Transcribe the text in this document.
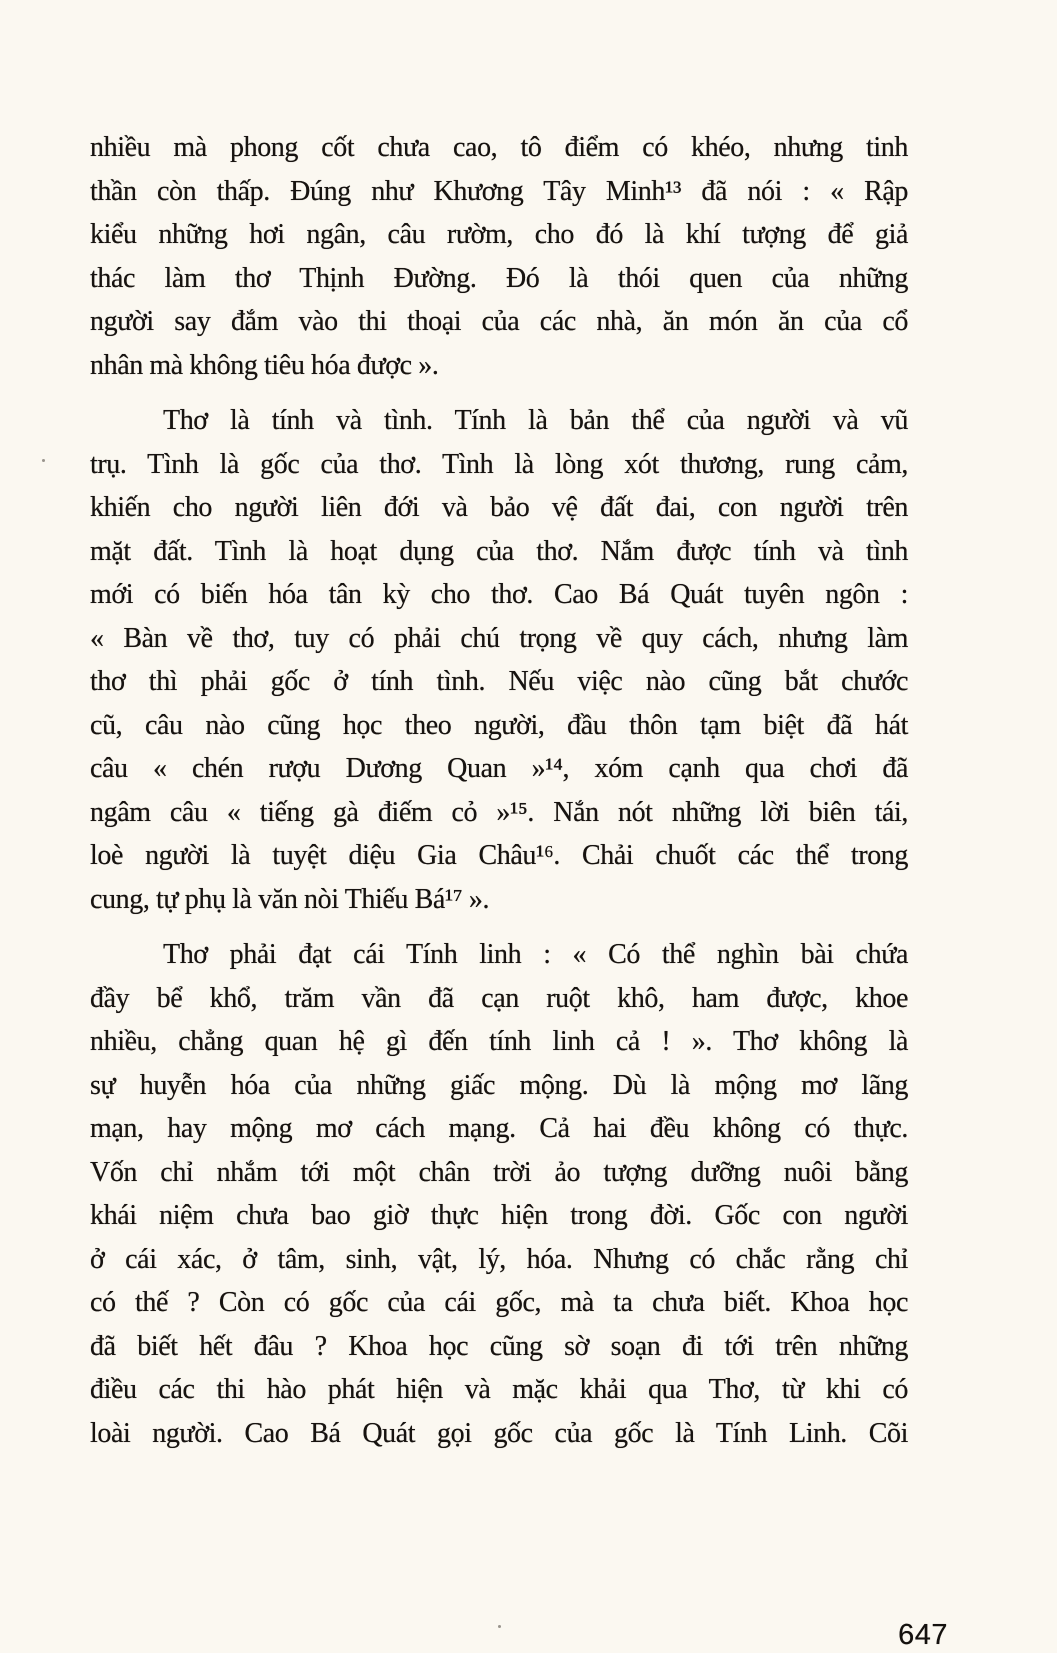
nhiều mà phong cốt chưa cao, tô điểm có khéo, nhưng tinh
thần còn thấp. Đúng như Khương Tây Minh¹³ đã nói : « Rập
kiểu những hơi ngân, câu rườm, cho đó là khí tượng để giả
thác làm thơ Thịnh Đường. Đó là thói quen của những
người say đắm vào thi thoại của các nhà, ăn món ăn của cổ
nhân mà không tiêu hóa được ».

Thơ là tính và tình. Tính là bản thể của người và vũ
trụ. Tình là gốc của thơ. Tình là lòng xót thương, rung cảm,
khiến cho người liên đới và bảo vệ đất đai, con người trên
mặt đất. Tình là hoạt dụng của thơ. Nắm được tính và tình
mới có biến hóa tân kỳ cho thơ. Cao Bá Quát tuyên ngôn :
« Bàn về thơ, tuy có phải chú trọng về quy cách, nhưng làm
thơ thì phải gốc ở tính tình. Nếu việc nào cũng bắt chước
cũ, câu nào cũng học theo người, đầu thôn tạm biệt đã hát
câu « chén rượu Dương Quan »¹⁴, xóm cạnh qua chơi đã
ngâm câu « tiếng gà điếm cỏ »¹⁵. Nắn nót những lời biên tái,
loè người là tuyệt diệu Gia Châu¹⁶. Chải chuốt các thể trong
cung, tự phụ là văn nòi Thiếu Bá¹⁷ ».

Thơ phải đạt cái Tính linh : « Có thể nghìn bài chứa
đầy bể khổ, trăm vần đã cạn ruột khô, ham được, khoe
nhiều, chẳng quan hệ gì đến tính linh cả ! ». Thơ không là
sự huyễn hóa của những giấc mộng. Dù là mộng mơ lãng
mạn, hay mộng mơ cách mạng. Cả hai đều không có thực.
Vốn chỉ nhắm tới một chân trời ảo tượng dưỡng nuôi bằng
khái niệm chưa bao giờ thực hiện trong đời. Gốc con người
ở cái xác, ở tâm, sinh, vật, lý, hóa. Nhưng có chắc rằng chỉ
có thế ? Còn có gốc của cái gốc, mà ta chưa biết. Khoa học
đã biết hết đâu ? Khoa học cũng sờ soạn đi tới trên những
điều các thi hào phát hiện và mặc khải qua Thơ, từ khi có
loài người. Cao Bá Quát gọi gốc của gốc là Tính Linh. Cõi

647
